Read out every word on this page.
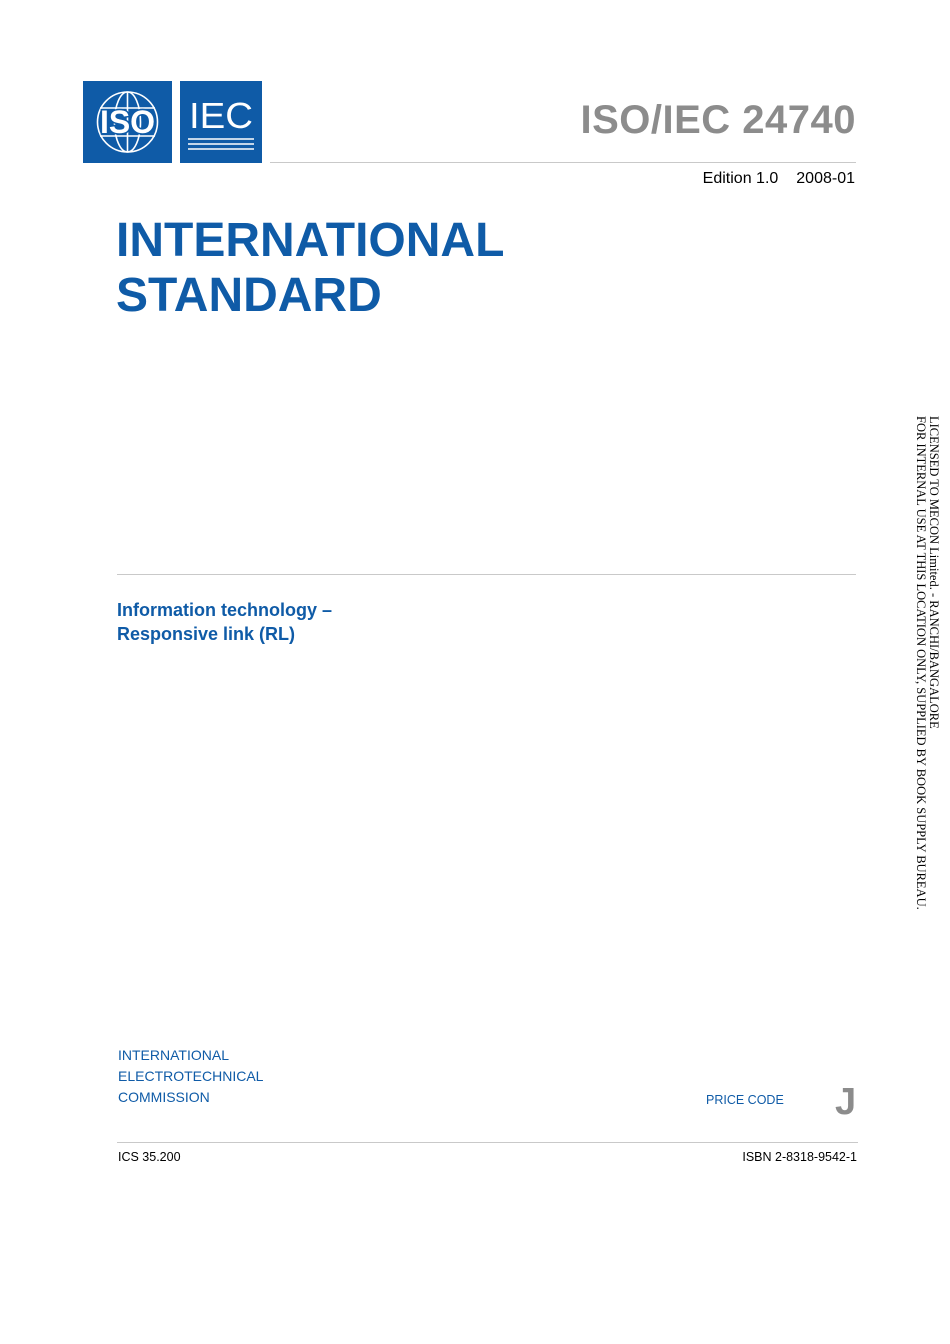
ISO IEC	ISO/IEC 24740
Edition 1.0 2008-01
INTERNATIONAL
STANDARD
Information technology –
Responsive link (RL)	LICENSED TO MECON Limited. - RANCHI/BANGALORE
FOR INTERNAL USE AT THIS LOCATION ONLY, SUPPLIED BY BOOK SUPPLY BUREAU.
INTERNATIONAL
ELECTROTECHNICAL
COMMISSION	PRICE CODE J
ICS 35.200	ISBN 2-8318-9542-1
